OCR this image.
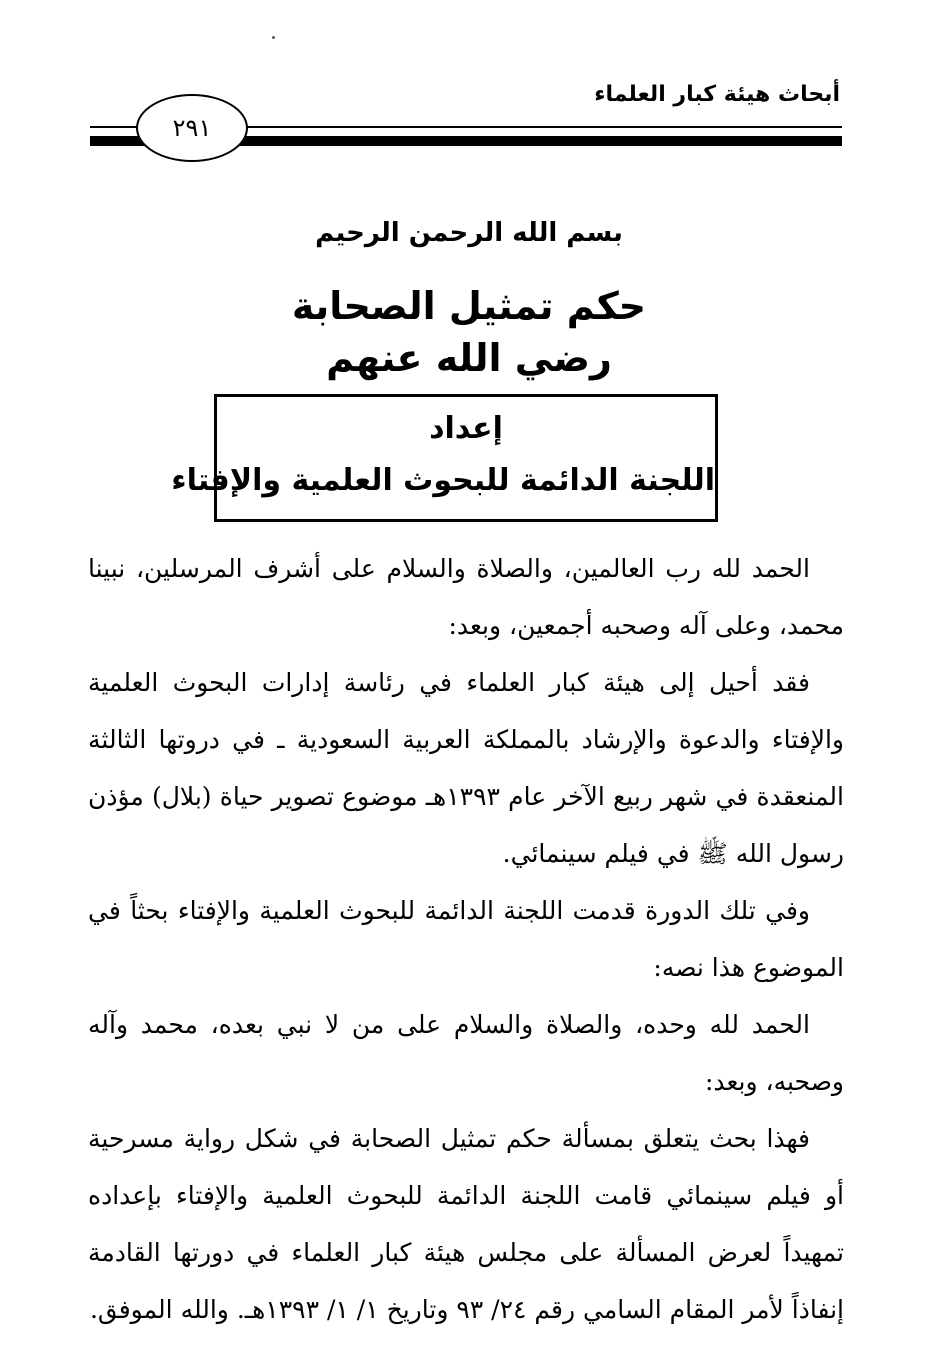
أبحاث هيئة كبار العلماء
٢٩١
بسم الله الرحمن الرحيم
حكم تمثيل الصحابة
رضي الله عنهم
إعداد
اللجنة الدائمة للبحوث العلمية والإفتاء

الحمد لله رب العالمين، والصلاة والسلام على أشرف المرسلين، نبينا محمد، وعلى آله وصحبه أجمعين، وبعد:

فقد أحيل إلى هيئة كبار العلماء في رئاسة إدارات البحوث العلمية والإفتاء والدعوة والإرشاد بالمملكة العربية السعودية ـ في دروتها الثالثة المنعقدة في شهر ربيع الآخر عام ١٣٩٣هـ موضوع تصوير حياة (بلال) مؤذن رسول الله ﷺ في فيلم سينمائي.

وفي تلك الدورة قدمت اللجنة الدائمة للبحوث العلمية والإفتاء بحثاً في الموضوع هذا نصه:

الحمد لله وحده، والصلاة والسلام على من لا نبي بعده، محمد وآله وصحبه، وبعد:

فهذا بحث يتعلق بمسألة حكم تمثيل الصحابة في شكل رواية مسرحية أو فيلم سينمائي قامت اللجنة الدائمة للبحوث العلمية والإفتاء بإعداده تمهيداً لعرض المسألة على مجلس هيئة كبار العلماء في دورتها القادمة إنفاذاً لأمر المقام السامي رقم ٢٤/ ٩٣ وتاريخ ١/ ١/ ١٣٩٣هـ. والله الموفق.
